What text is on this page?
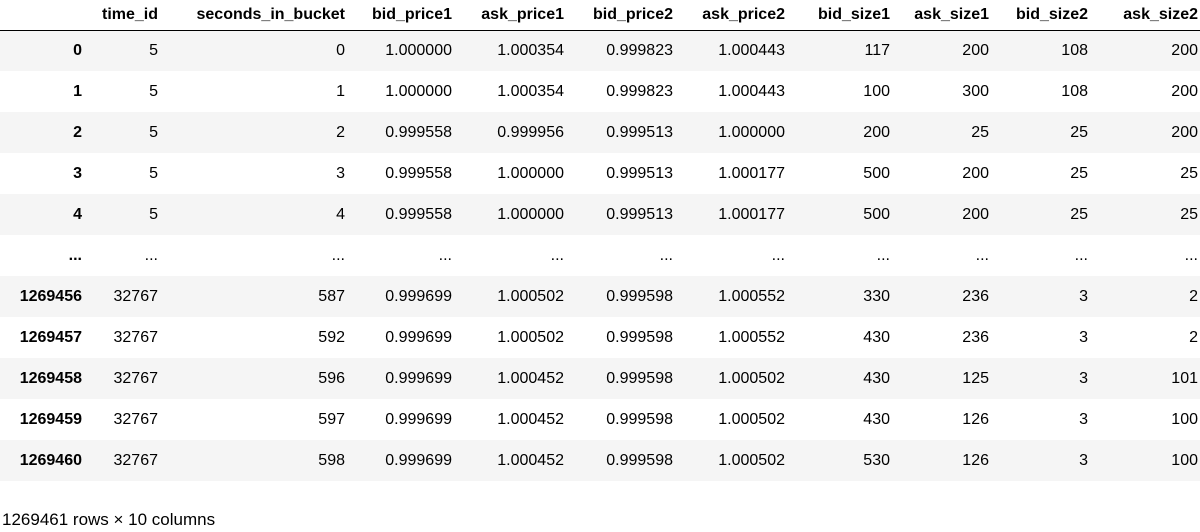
	time_id	seconds_in_bucket	bid_price1	ask_price1	bid_price2	ask_price2	bid_size1	ask_size1	bid_size2	ask_size2
0	5	0	1.000000	1.000354	0.999823	1.000443	117	200	108	200
1	5	1	1.000000	1.000354	0.999823	1.000443	100	300	108	200
2	5	2	0.999558	0.999956	0.999513	1.000000	200	25	25	200
3	5	3	0.999558	1.000000	0.999513	1.000177	500	200	25	25
4	5	4	0.999558	1.000000	0.999513	1.000177	500	200	25	25
...	...	...	...	...	...	...	...	...	...	...
1269456	32767	587	0.999699	1.000502	0.999598	1.000552	330	236	3	2
1269457	32767	592	0.999699	1.000502	0.999598	1.000552	430	236	3	2
1269458	32767	596	0.999699	1.000452	0.999598	1.000502	430	125	3	101
1269459	32767	597	0.999699	1.000452	0.999598	1.000502	430	126	3	100
1269460	32767	598	0.999699	1.000452	0.999598	1.000502	530	126	3	100
1269461 rows × 10 columns
